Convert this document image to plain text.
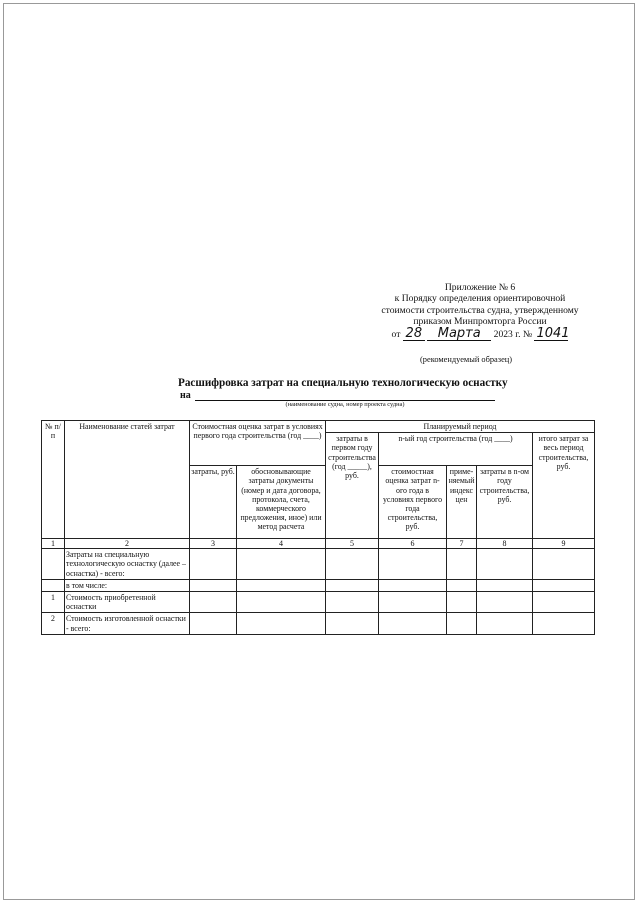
Приложение № 6
к Порядку определения ориентировочной
стоимости строительства судна, утвержденному
приказом Минпромторга России
от 28 Марта 2023 г. № 1041
(рекомендуемый образец)
Расшифровка затрат на специальную технологическую оснастку
на
(наименование судна, номер проекта судна)
№ п/п	Наименование статей затрат	Стоимостная оценка затрат в условиях первого года строительства (год ____)		Планируемый период				
				затраты в первом году строительства (год _____), руб.	n-ый год строительства (год ____)			итого затрат за весь период строительства, руб.
		затраты, руб.	обосновывающие затраты документы (номер и дата договора, протокола, счета, коммерческого предложения, иное) или метод расчета		стоимостная оценка затрат n-ого года в условиях первого года строительства, руб.	приме-няемый индекс цен	затраты в n-ом году строительства, руб.	
1	2	3	4	5	6	7	8	9
	Затраты на специальную технологическую оснастку (далее – оснастка) - всего:							
	в том числе:							
1	Стоимость приобретенной оснастки							
2	Стоимость изготовленной оснастки - всего:							
